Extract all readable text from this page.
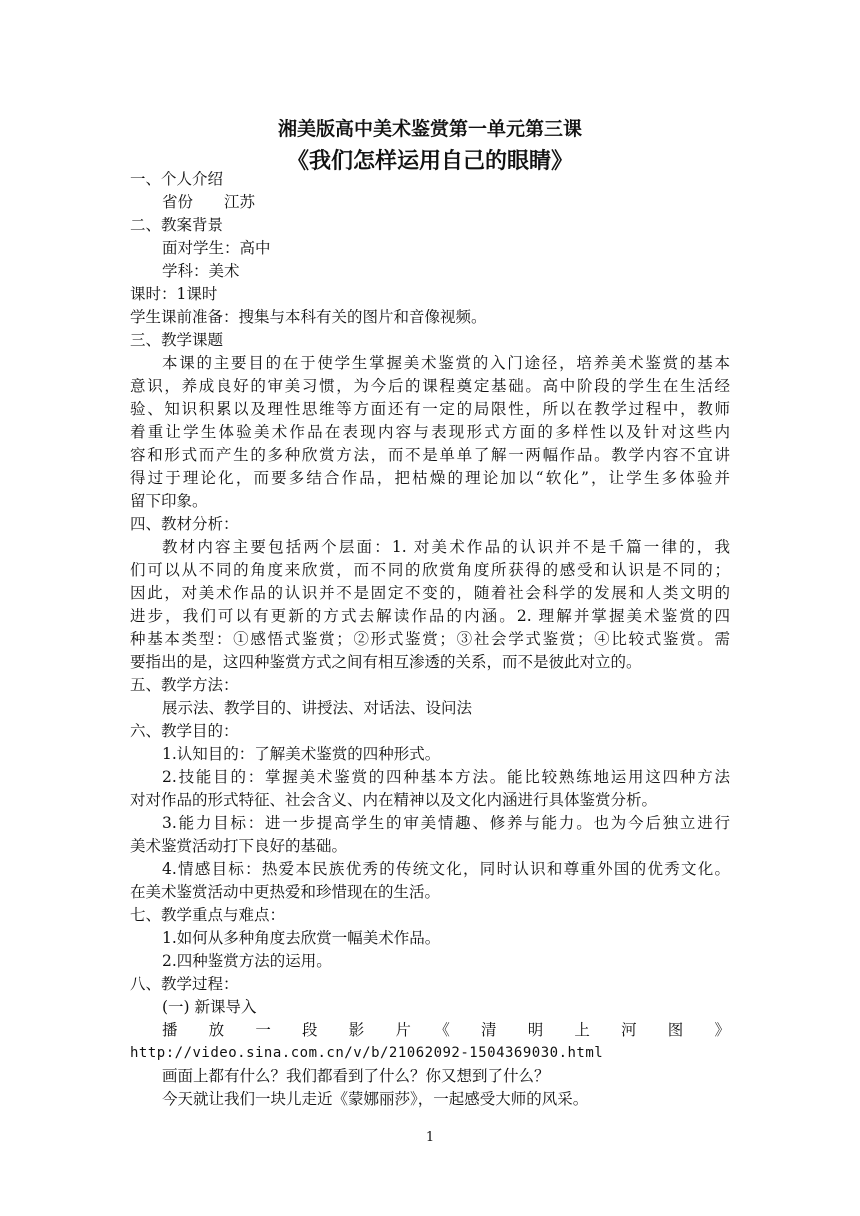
湘美版高中美术鉴赏第一单元第三课
《我们怎样运用自己的眼睛》
一、个人介绍
省份　　江苏
二、教案背景
面对学生：高中
学科：美术
课时：1课时
学生课前准备：搜集与本科有关的图片和音像视频。
三、教学课题
本课的主要目的在于使学生掌握美术鉴赏的入门途径，培养美术鉴赏的基本
意识，养成良好的审美习惯，为今后的课程奠定基础。高中阶段的学生在生活经
验、知识积累以及理性思维等方面还有一定的局限性，所以在教学过程中，教师
着重让学生体验美术作品在表现内容与表现形式方面的多样性以及针对这些内
容和形式而产生的多种欣赏方法，而不是单单了解一两幅作品。教学内容不宜讲
得过于理论化，而要多结合作品，把枯燥的理论加以“软化”，让学生多体验并
留下印象。
四、教材分析：
教材内容主要包括两个层面：1. 对美术作品的认识并不是千篇一律的，我
们可以从不同的角度来欣赏，而不同的欣赏角度所获得的感受和认识是不同的；
因此，对美术作品的认识并不是固定不变的，随着社会科学的发展和人类文明的
进步，我们可以有更新的方式去解读作品的内涵。2. 理解并掌握美术鉴赏的四
种基本类型：①感悟式鉴赏；②形式鉴赏；③社会学式鉴赏；④比较式鉴赏。需
要指出的是，这四种鉴赏方式之间有相互渗透的关系，而不是彼此对立的。
五、教学方法：
展示法、教学目的、讲授法、对话法、设问法
六、教学目的：
1.认知目的：了解美术鉴赏的四种形式。
2.技能目的：掌握美术鉴赏的四种基本方法。能比较熟练地运用这四种方法
对对作品的形式特征、社会含义、内在精神以及文化内涵进行具体鉴赏分析。
3.能力目标：进一步提高学生的审美情趣、修养与能力。也为今后独立进行
美术鉴赏活动打下良好的基础。
4.情感目标：热爱本民族优秀的传统文化，同时认识和尊重外国的优秀文化。
在美术鉴赏活动中更热爱和珍惜现在的生活。
七、教学重点与难点：
1.如何从多种角度去欣赏一幅美术作品。
2.四种鉴赏方法的运用。
八、教学过程：
(一) 新课导入
播　放　一　段　影　片　《　清　明　上　河　图　》
http://video.sina.com.cn/v/b/21062092-1504369030.html
画面上都有什么？我们都看到了什么？你又想到了什么？
今天就让我们一块儿走近《蒙娜丽莎》，一起感受大师的风采。
1
